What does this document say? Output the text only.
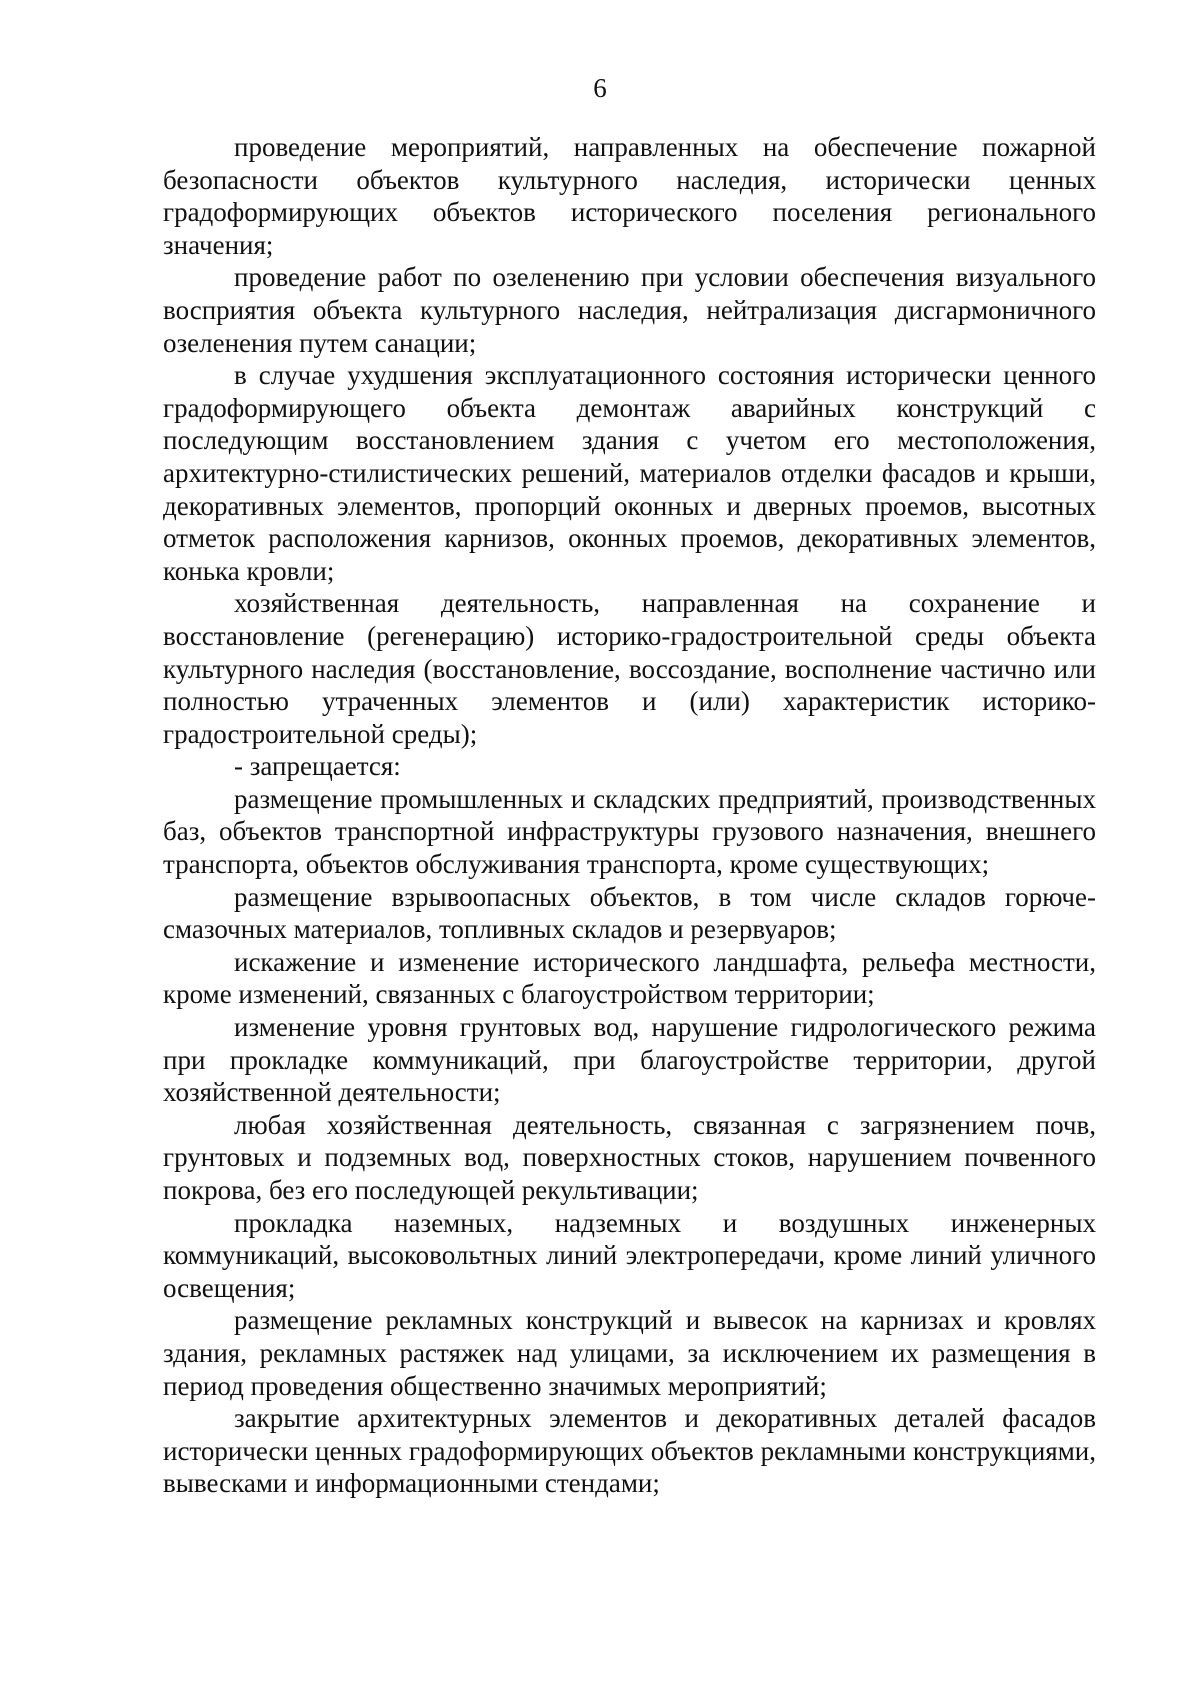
6

проведение мероприятий, направленных на обеспечение пожарной безопасности объектов культурного наследия, исторически ценных градоформирующих объектов исторического поселения регионального значения;

проведение работ по озеленению при условии обеспечения визуального восприятия объекта культурного наследия, нейтрализация дисгармоничного озеленения путем санации;

в случае ухудшения эксплуатационного состояния исторически ценного градоформирующего объекта демонтаж аварийных конструкций с последующим восстановлением здания с учетом его местоположения, архитектурно-стилистических решений, материалов отделки фасадов и крыши, декоративных элементов, пропорций оконных и дверных проемов, высотных отметок расположения карнизов, оконных проемов, декоративных элементов, конька кровли;

хозяйственная деятельность, направленная на сохранение и восстановление (регенерацию) историко-градостроительной среды объекта культурного наследия (восстановление, воссоздание, восполнение частично или полностью утраченных элементов и (или) характеристик историко-градостроительной среды);

- запрещается:

размещение промышленных и складских предприятий, производственных баз, объектов транспортной инфраструктуры грузового назначения, внешнего транспорта, объектов обслуживания транспорта, кроме существующих;

размещение взрывоопасных объектов, в том числе складов горюче-смазочных материалов, топливных складов и резервуаров;

искажение и изменение исторического ландшафта, рельефа местности, кроме изменений, связанных с благоустройством территории;

изменение уровня грунтовых вод, нарушение гидрологического режима при прокладке коммуникаций, при благоустройстве территории, другой хозяйственной деятельности;

любая хозяйственная деятельность, связанная с загрязнением почв, грунтовых и подземных вод, поверхностных стоков, нарушением почвенного покрова, без его последующей рекультивации;

прокладка наземных, надземных и воздушных инженерных коммуникаций, высоковольтных линий электропередачи, кроме линий уличного освещения;

размещение рекламных конструкций и вывесок на карнизах и кровлях здания, рекламных растяжек над улицами, за исключением их размещения в период проведения общественно значимых мероприятий;

закрытие архитектурных элементов и декоративных деталей фасадов исторически ценных градоформирующих объектов рекламными конструкциями, вывесками и информационными стендами;
